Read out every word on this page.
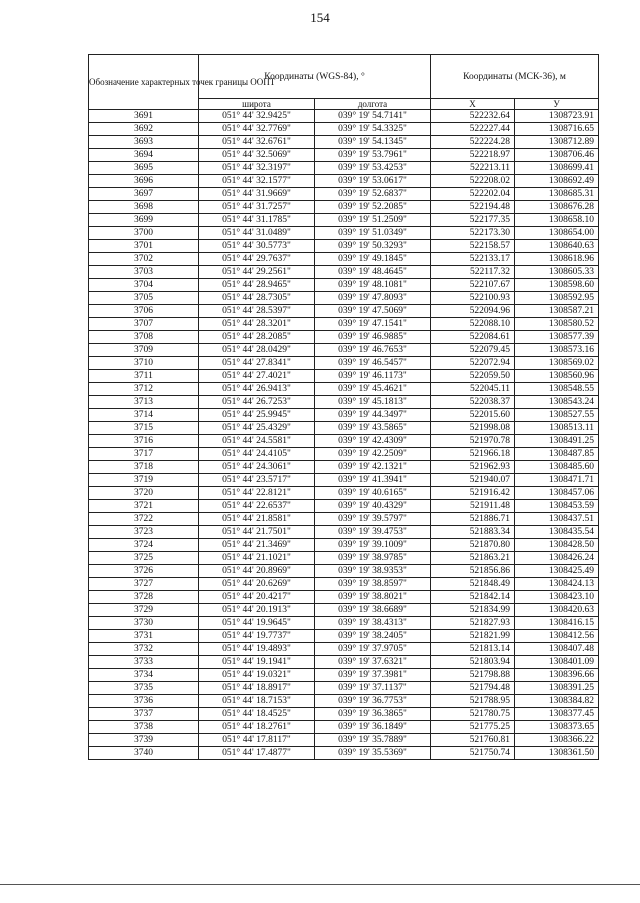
154
Обозначение характерных точек границы ООПТ	Координаты (WGS-84), °		Координаты (МСК-36), м	
	широта	долгота	X	У
3691	051° 44' 32.9425"	039° 19' 54.7141"	522232.64	1308723.91
3692	051° 44' 32.7769"	039° 19' 54.3325"	522227.44	1308716.65
3693	051° 44' 32.6761"	039° 19' 54.1345"	522224.28	1308712.89
3694	051° 44' 32.5069"	039° 19' 53.7961"	522218.97	1308706.46
3695	051° 44' 32.3197"	039° 19' 53.4253"	522213.11	1308699.41
3696	051° 44' 32.1577"	039° 19' 53.0617"	522208.02	1308692.49
3697	051° 44' 31.9669"	039° 19' 52.6837"	522202.04	1308685.31
3698	051° 44' 31.7257"	039° 19' 52.2085"	522194.48	1308676.28
3699	051° 44' 31.1785"	039° 19' 51.2509"	522177.35	1308658.10
3700	051° 44' 31.0489"	039° 19' 51.0349"	522173.30	1308654.00
3701	051° 44' 30.5773"	039° 19' 50.3293"	522158.57	1308640.63
3702	051° 44' 29.7637"	039° 19' 49.1845"	522133.17	1308618.96
3703	051° 44' 29.2561"	039° 19' 48.4645"	522117.32	1308605.33
3704	051° 44' 28.9465"	039° 19' 48.1081"	522107.67	1308598.60
3705	051° 44' 28.7305"	039° 19' 47.8093"	522100.93	1308592.95
3706	051° 44' 28.5397"	039° 19' 47.5069"	522094.96	1308587.21
3707	051° 44' 28.3201"	039° 19' 47.1541"	522088.10	1308580.52
3708	051° 44' 28.2085"	039° 19' 46.9885"	522084.61	1308577.39
3709	051° 44' 28.0429"	039° 19' 46.7653"	522079.45	1308573.16
3710	051° 44' 27.8341"	039° 19' 46.5457"	522072.94	1308569.02
3711	051° 44' 27.4021"	039° 19' 46.1173"	522059.50	1308560.96
3712	051° 44' 26.9413"	039° 19' 45.4621"	522045.11	1308548.55
3713	051° 44' 26.7253"	039° 19' 45.1813"	522038.37	1308543.24
3714	051° 44' 25.9945"	039° 19' 44.3497"	522015.60	1308527.55
3715	051° 44' 25.4329"	039° 19' 43.5865"	521998.08	1308513.11
3716	051° 44' 24.5581"	039° 19' 42.4309"	521970.78	1308491.25
3717	051° 44' 24.4105"	039° 19' 42.2509"	521966.18	1308487.85
3718	051° 44' 24.3061"	039° 19' 42.1321"	521962.93	1308485.60
3719	051° 44' 23.5717"	039° 19' 41.3941"	521940.07	1308471.71
3720	051° 44' 22.8121"	039° 19' 40.6165"	521916.42	1308457.06
3721	051° 44' 22.6537"	039° 19' 40.4329"	521911.48	1308453.59
3722	051° 44' 21.8581"	039° 19' 39.5797"	521886.71	1308437.51
3723	051° 44' 21.7501"	039° 19' 39.4753"	521883.34	1308435.54
3724	051° 44' 21.3469"	039° 19' 39.1009"	521870.80	1308428.50
3725	051° 44' 21.1021"	039° 19' 38.9785"	521863.21	1308426.24
3726	051° 44' 20.8969"	039° 19' 38.9353"	521856.86	1308425.49
3727	051° 44' 20.6269"	039° 19' 38.8597"	521848.49	1308424.13
3728	051° 44' 20.4217"	039° 19' 38.8021"	521842.14	1308423.10
3729	051° 44' 20.1913"	039° 19' 38.6689"	521834.99	1308420.63
3730	051° 44' 19.9645"	039° 19' 38.4313"	521827.93	1308416.15
3731	051° 44' 19.7737"	039° 19' 38.2405"	521821.99	1308412.56
3732	051° 44' 19.4893"	039° 19' 37.9705"	521813.14	1308407.48
3733	051° 44' 19.1941"	039° 19' 37.6321"	521803.94	1308401.09
3734	051° 44' 19.0321"	039° 19' 37.3981"	521798.88	1308396.66
3735	051° 44' 18.8917"	039° 19' 37.1137"	521794.48	1308391.25
3736	051° 44' 18.7153"	039° 19' 36.7753"	521788.95	1308384.82
3737	051° 44' 18.4525"	039° 19' 36.3865"	521780.75	1308377.45
3738	051° 44' 18.2761"	039° 19' 36.1849"	521775.25	1308373.65
3739	051° 44' 17.8117"	039° 19' 35.7889"	521760.81	1308366.22
3740	051° 44' 17.4877"	039° 19' 35.5369"	521750.74	1308361.50
